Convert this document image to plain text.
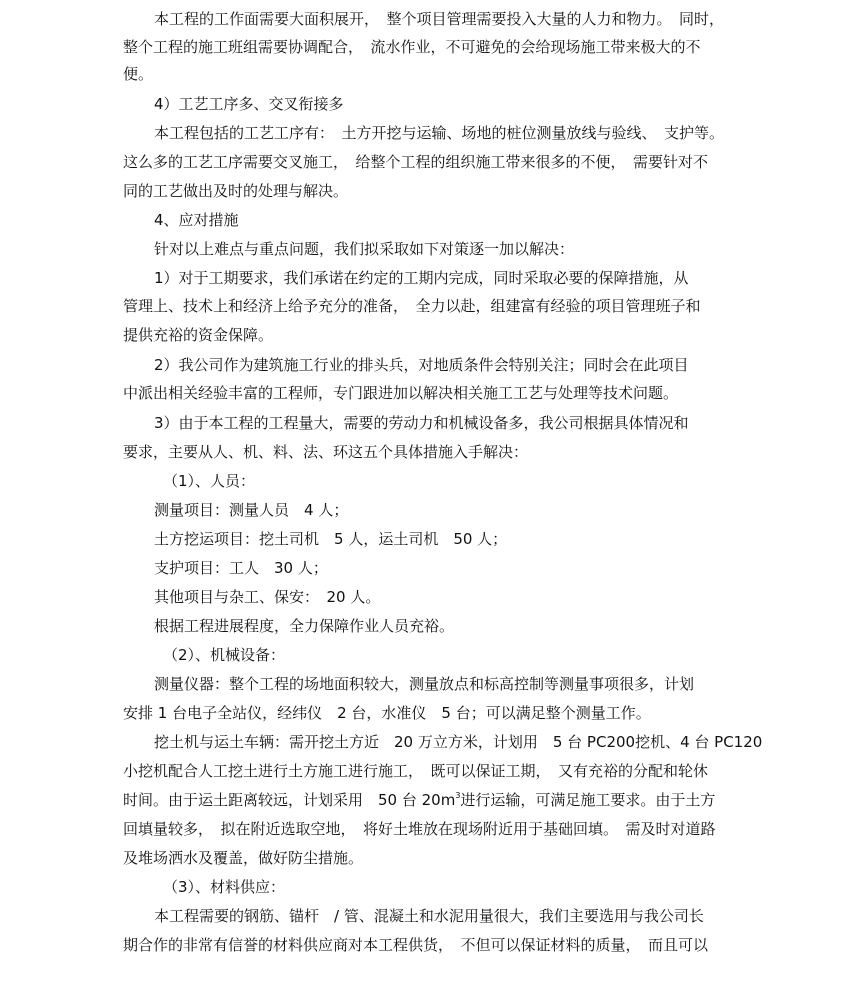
本工程的工作面需要大面积展开，　整个项目管理需要投入大量的人力和物力。　同时，
整个工程的施工班组需要协调配合，　流水作业，不可避免的会给现场施工带来极大的不
便。
4）工艺工序多、交叉衔接多
本工程包括的工艺工序有：　土方开挖与运输、场地的桩位测量放线与验线、　支护等。
这么多的工艺工序需要交叉施工，　给整个工程的组织施工带来很多的不便，　需要针对不
同的工艺做出及时的处理与解决。
4、应对措施
针对以上难点与重点问题，我们拟采取如下对策逐一加以解决：
1）对于工期要求，我们承诺在约定的工期内完成，同时采取必要的保障措施，从
管理上、技术上和经济上给予充分的准备，　全力以赴，组建富有经验的项目管理班子和
提供充裕的资金保障。
2）我公司作为建筑施工行业的排头兵，对地质条件会特别关注；同时会在此项目
中派出相关经验丰富的工程师，专门跟进加以解决相关施工工艺与处理等技术问题。
3）由于本工程的工程量大，需要的劳动力和机械设备多，我公司根据具体情况和
要求，主要从人、机、料、法、环这五个具体措施入手解决：
（1）、人员：
测量项目：测量人员　4 人；
土方挖运项目：挖土司机　5 人，运土司机　50 人；
支护项目：工人　30 人；
其他项目与杂工、保安：　20 人。
根据工程进展程度，全力保障作业人员充裕。
（2）、机械设备：
测量仪器：整个工程的场地面积较大，测量放点和标高控制等测量事项很多，计划
安排 1 台电子全站仪，经纬仪　2 台，水准仪　5 台；可以满足整个测量工作。
挖土机与运土车辆：需开挖土方近　20 万立方米，计划用　5 台 PC200挖机、4 台 PC120
小挖机配合人工挖土进行土方施工进行施工，　既可以保证工期，　又有充裕的分配和轮休
时间。由于运土距离较远，计划采用　50 台 $20m^3$进行运输，可满足施工要求。由于土方
回填量较多，　拟在附近选取空地，　将好土堆放在现场附近用于基础回填。　需及时对道路
及堆场洒水及覆盖，做好防尘措施。
（3）、材料供应：
本工程需要的钢筋、锚杆　/ 管、混凝土和水泥用量很大，我们主要选用与我公司长
期合作的非常有信誉的材料供应商对本工程供货，　不但可以保证材料的质量，　而且可以
